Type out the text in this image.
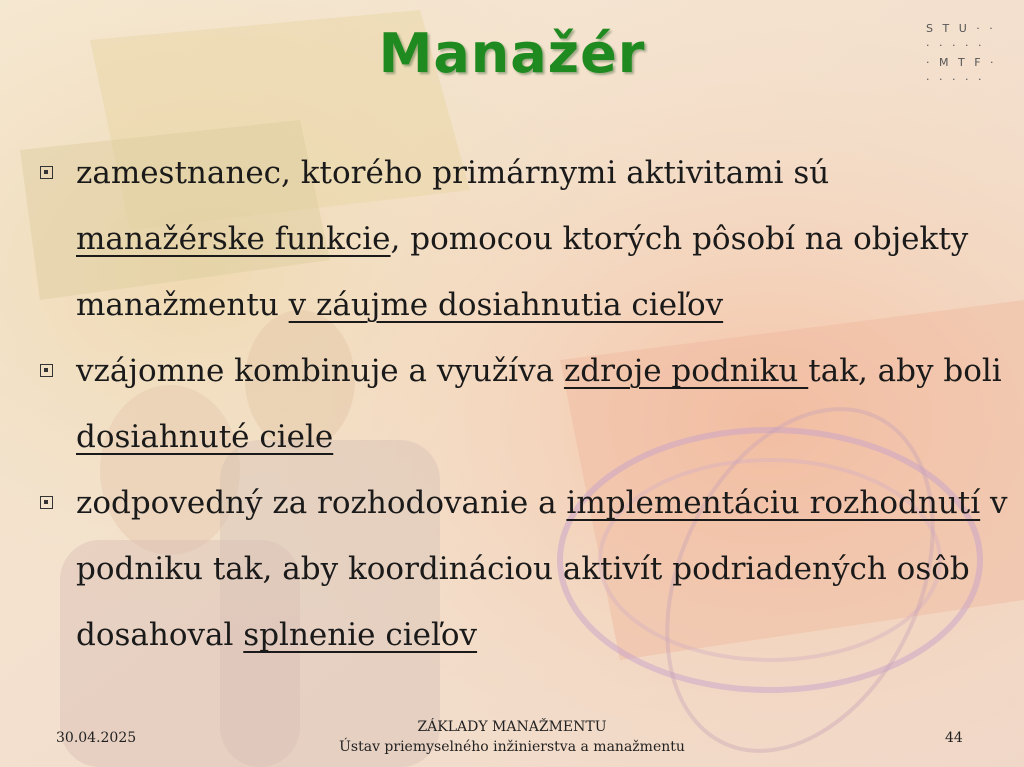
Manažér	S T U · ·
· · · · ·
· M T F ·
· · · · ·
zamestnanec, ktorého primárnymi aktivitami sú manažérske funkcie, pomocou ktorých pôsobí na objekty manažmentu v záujme dosiahnutia cieľov
vzájomne kombinuje a využíva zdroje podniku tak, aby boli dosiahnuté ciele
zodpovedný za rozhodovanie a implementáciu rozhodnutí v podniku tak, aby koordináciou aktivít podriadených osôb dosahoval splnenie cieľov
30.04.2025
ZÁKLADY MANAŽMENTU
Ústav priemyselného inžinierstva a manažmentu
44
